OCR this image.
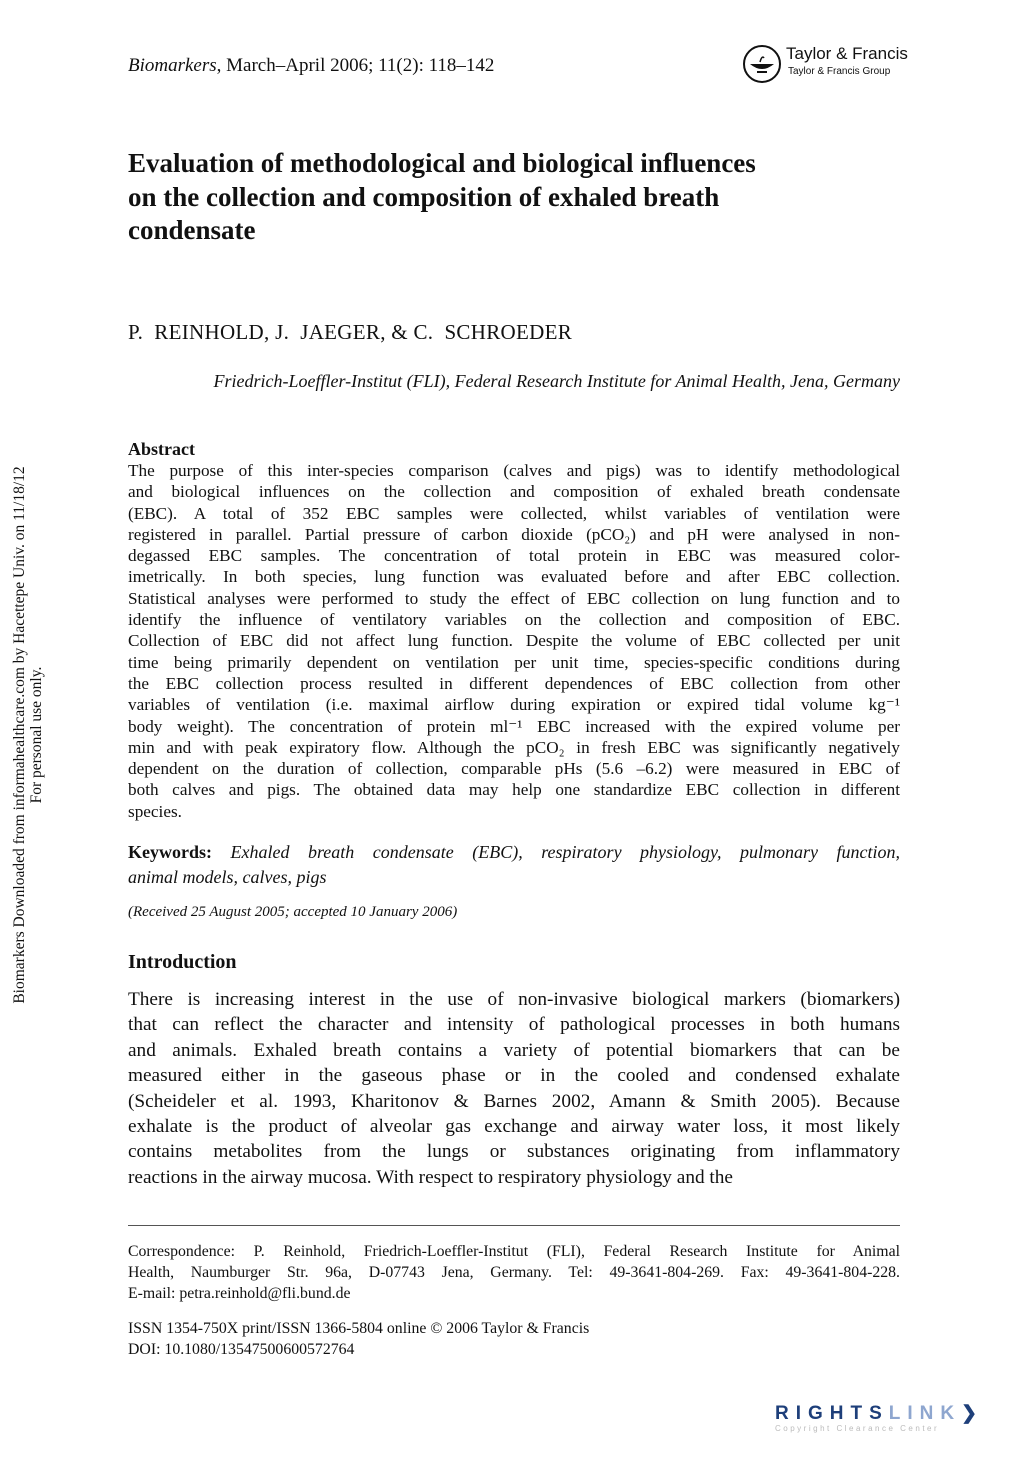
Biomarkers, March–April 2006; 11(2): 118–142
Taylor & Francis
Taylor & Francis Group
Evaluation of methodological and biological influences
on the collection and composition of exhaled breath
condensate
P.  REINHOLD, J.  JAEGER, & C.  SCHROEDER
Friedrich-Loeffler-Institut (FLI), Federal Research Institute for Animal Health, Jena, Germany
Abstract
The purpose of this inter-species comparison (calves and pigs) was to identify methodological
and biological influences on the collection and composition of exhaled breath condensate
(EBC). A total of 352 EBC samples were collected, whilst variables of ventilation were
registered in parallel. Partial pressure of carbon dioxide (pCO₂) and pH were analysed in non-
degassed EBC samples. The concentration of total protein in EBC was measured color-
imetrically. In both species, lung function was evaluated before and after EBC collection.
Statistical analyses were performed to study the effect of EBC collection on lung function and to
identify the influence of ventilatory variables on the collection and composition of EBC.
Collection of EBC did not affect lung function. Despite the volume of EBC collected per unit
time being primarily dependent on ventilation per unit time, species-specific conditions during
the EBC collection process resulted in different dependences of EBC collection from other
variables of ventilation (i.e. maximal airflow during expiration or expired tidal volume kg⁻¹
body weight). The concentration of protein ml⁻¹ EBC increased with the expired volume per
min and with peak expiratory flow. Although the pCO₂ in fresh EBC was significantly negatively
dependent on the duration of collection, comparable pHs (5.6 –6.2) were measured in EBC of
both calves and pigs. The obtained data may help one standardize EBC collection in different
species.
Keywords: Exhaled breath condensate (EBC), respiratory physiology, pulmonary function,
animal models, calves, pigs
(Received 25 August 2005; accepted 10 January 2006)
Introduction
There is increasing interest in the use of non-invasive biological markers (biomarkers)
that can reflect the character and intensity of pathological processes in both humans
and animals. Exhaled breath contains a variety of potential biomarkers that can be
measured either in the gaseous phase or in the cooled and condensed exhalate
(Scheideler et al. 1993, Kharitonov & Barnes 2002, Amann & Smith 2005). Because
exhalate is the product of alveolar gas exchange and airway water loss, it most likely
contains metabolites from the lungs or substances originating from inflammatory
reactions in the airway mucosa. With respect to respiratory physiology and the
Correspondence: P. Reinhold, Friedrich-Loeffler-Institut (FLI), Federal Research Institute for Animal
Health, Naumburger Str. 96a, D-07743 Jena, Germany. Tel: 49-3641-804-269. Fax: 49-3641-804-228.
E-mail: petra.reinhold@fli.bund.de
ISSN 1354-750X print/ISSN 1366-5804 online © 2006 Taylor & Francis
DOI: 10.1080/13547500600572764
Biomarkers Downloaded from informahealthcare.com by Hacettepe Univ. on 11/18/12 For personal use only.
RIGHTSLINK❯
Copyright Clearance Center
